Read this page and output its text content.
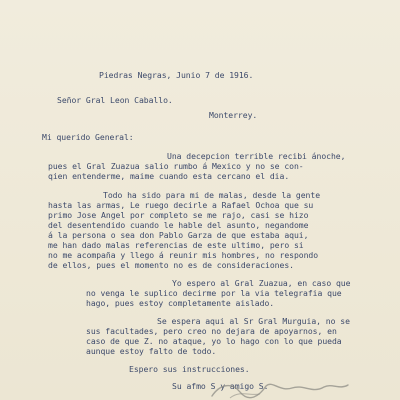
Piedras Negras, Junio 7 de 1916.

Señor Gral Leon Caballo.

Monterrey.

Mi querido General:

Una decepcion terrible recibi ánoche,

pues el Gral Zuazua salio rumbo á Mexico y no se con-

qien entenderme, maime cuando esta cercano el dia.

Todo ha sido para mi de malas, desde la gente

hasta las armas, Le ruego decirle a Rafael Ochoa que su

primo Jose Angel por completo se me rajo, casi se hizo

del desentendido cuando le hable del asunto, negandome

á la persona o sea don Pablo Garza de que estaba aqui,

me han dado malas referencias de este ultimo, pero si

no me acompaña y llego á reunir mis hombres, no respondo

de ellos, pues el momento no es de consideraciones.

Yo espero al Gral Zuazua, en caso que

no venga le suplico decirme por la via telegrafia que

hago, pues estoy completamente aislado.

Se espera aqui al Sr Gral Murguia, no se

sus facultades, pero creo no dejara de apoyarnos, en

caso de que Z. no ataque, yo lo hago con lo que pueda

aunque estoy falto de todo.

Espero sus instrucciones.

Su afmo S y amigo S.
